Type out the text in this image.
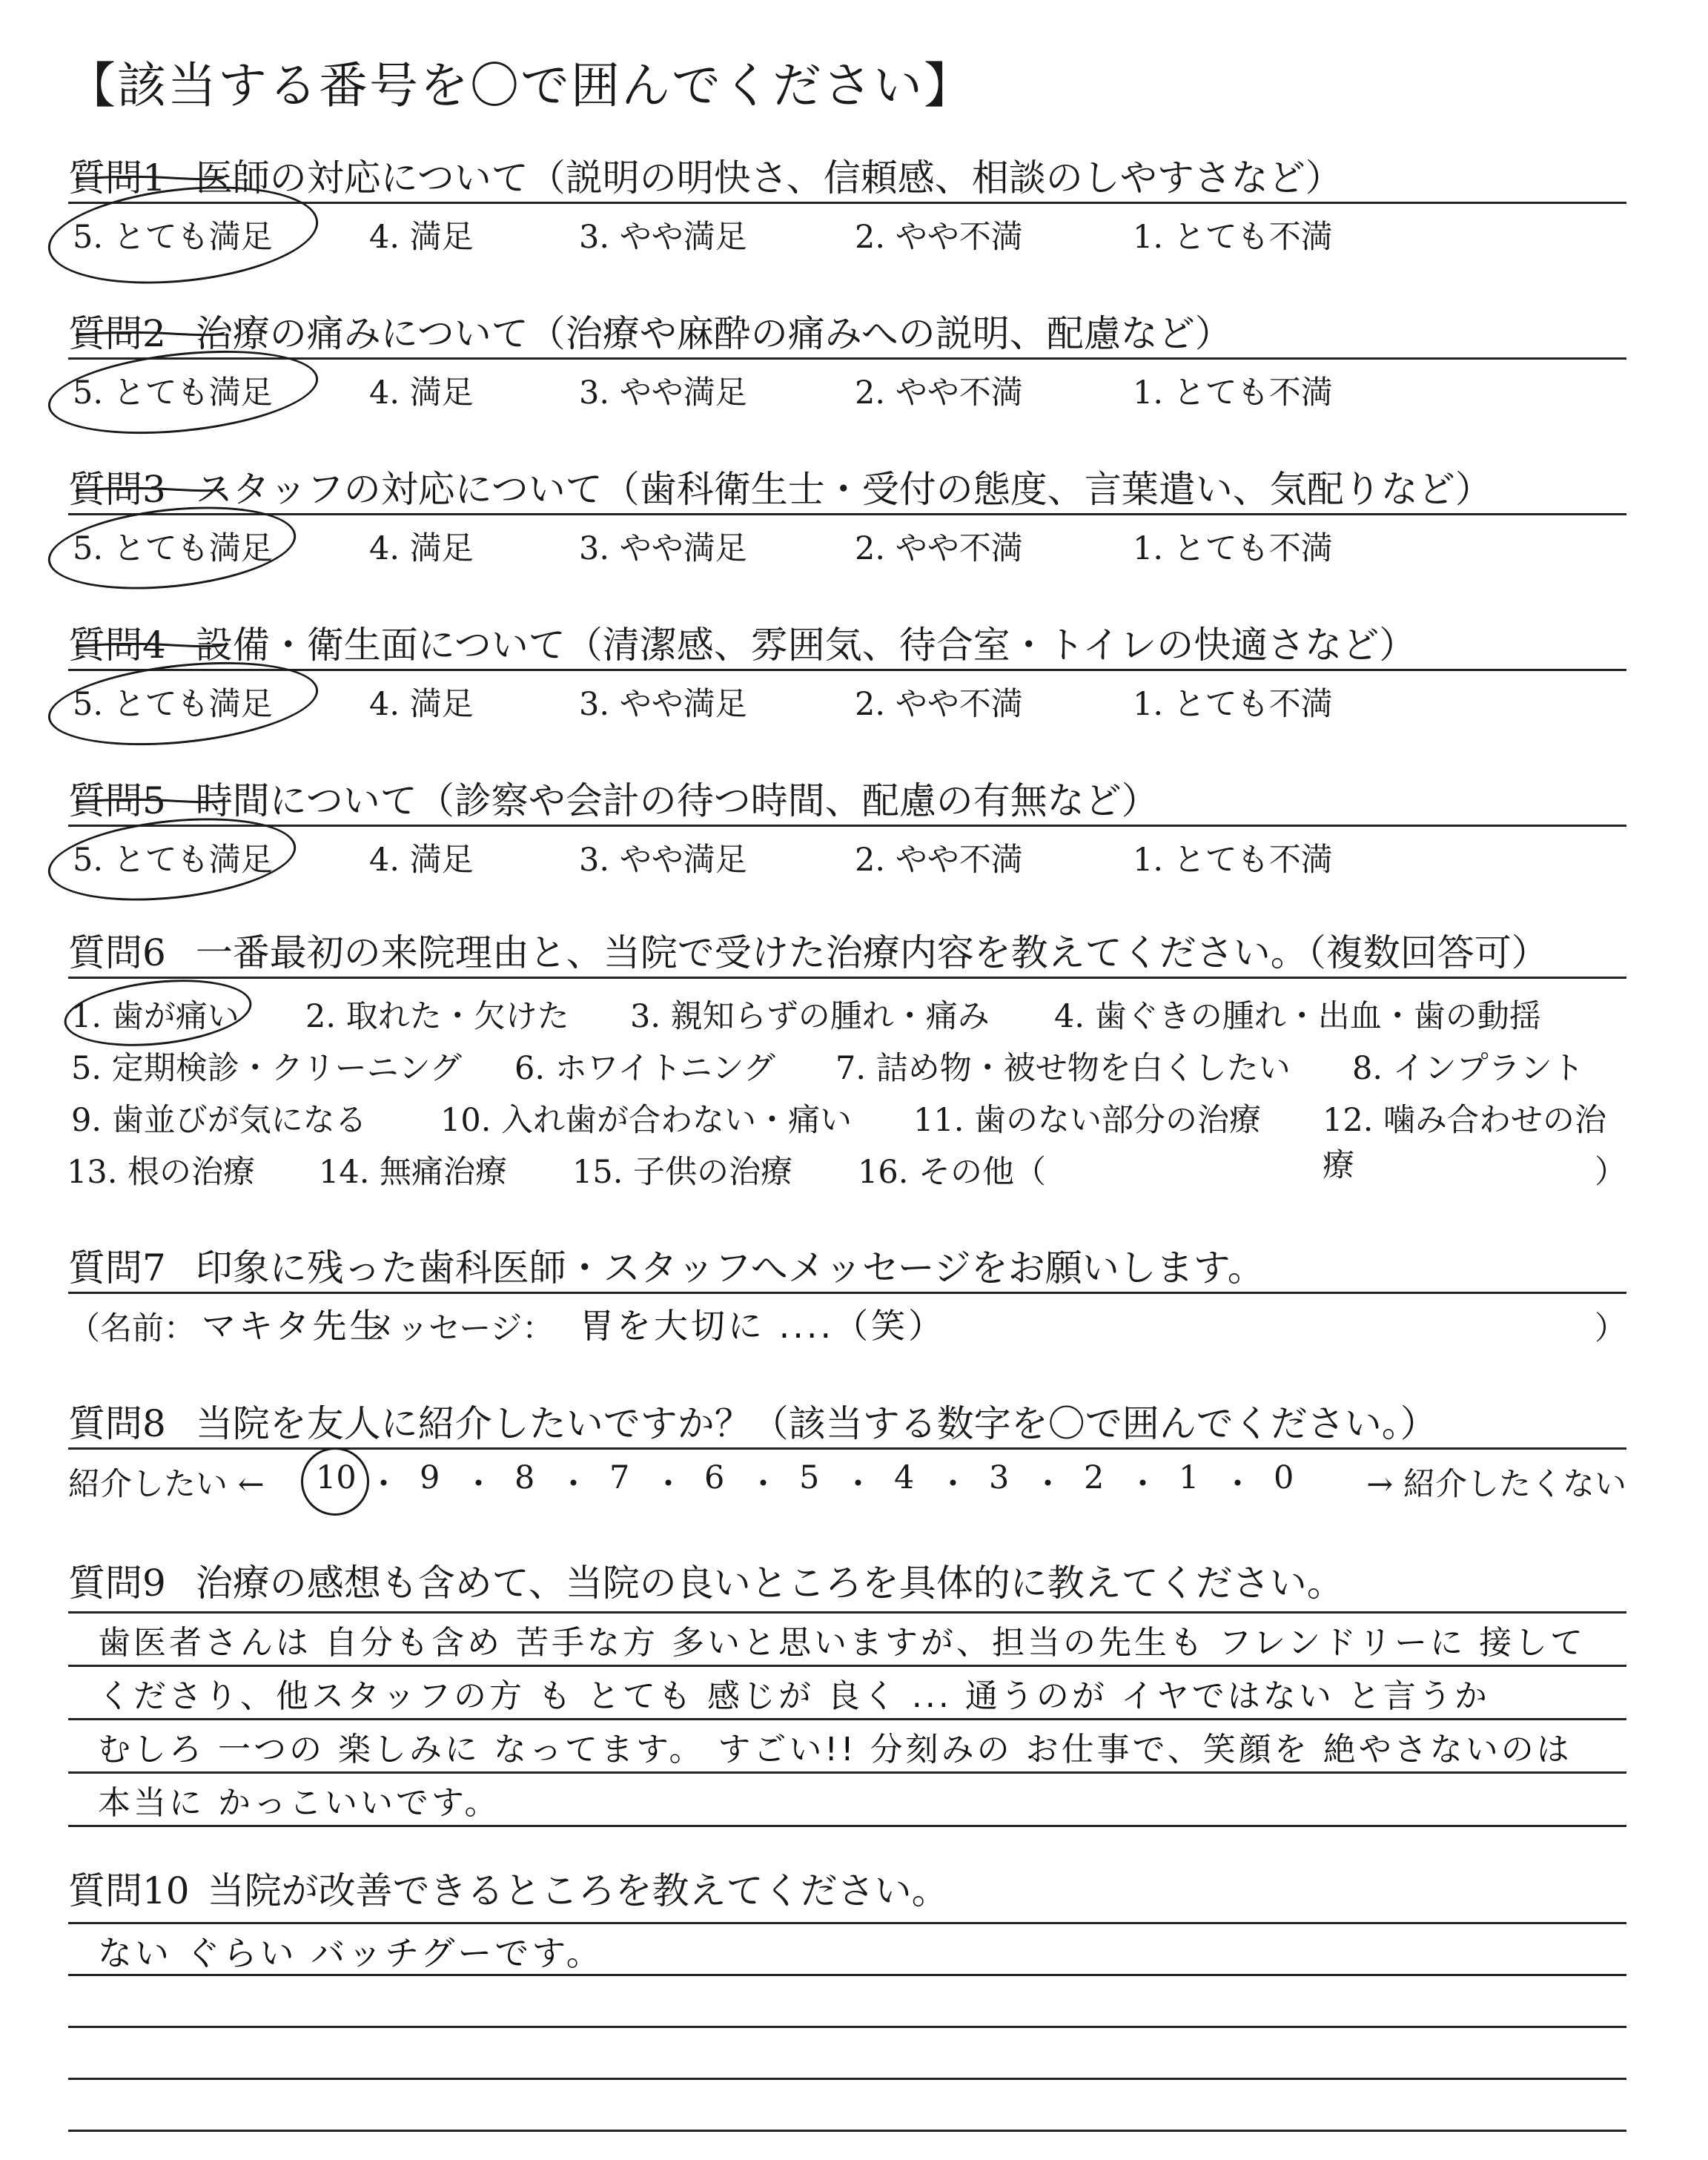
【該当する番号を〇で囲んでください】
質問1 医師の対応について（説明の明快さ、信頼感、相談のしやすさなど）
5. とても満足	4. 満足	3. やや満足	2. やや不満	1. とても不満
質問2 治療の痛みについて（治療や麻酔の痛みへの説明、配慮など）
5. とても満足	4. 満足	3. やや満足	2. やや不満	1. とても不満
質問3 スタッフの対応について（歯科衛生士・受付の態度、言葉遣い、気配りなど）
5. とても満足	4. 満足	3. やや満足	2. やや不満	1. とても不満
質問4 設備・衛生面について（清潔感、雰囲気、待合室・トイレの快適さなど）
5. とても満足	4. 満足	3. やや満足	2. やや不満	1. とても不満
質問5 時間について（診察や会計の待つ時間、配慮の有無など）
5. とても満足	4. 満足	3. やや満足	2. やや不満	1. とても不満
質問6 一番最初の来院理由と、当院で受けた治療内容を教えてください。（複数回答可）
1. 歯が痛い 2. 取れた・欠けた 3. 親知らずの腫れ・痛み 4. 歯ぐきの腫れ・出血・歯の動揺
5. 定期検診・クリーニング 6. ホワイトニング 7. 詰め物・被せ物を白くしたい 8. インプラント
9. 歯並びが気になる 10. 入れ歯が合わない・痛い 11. 歯のない部分の治療 12. 噛み合わせの治療
13. 根の治療 14. 無痛治療 15. 子供の治療 16. その他（	）
質問7 印象に残った歯科医師・スタッフへメッセージをお願いします。
（名前： マキタ先生
メッセージ： 胃を大切に ....（笑）	）
質問8 当院を友人に紹介したいですか？（該当する数字を〇で囲んでください。）
紹介したい ← 10 ・ 9 ・ 8 ・ 7 ・ 6 ・ 5 ・ 4 ・ 3 ・ 2 ・ 1 ・ 0 → 紹介したくない
質問9 治療の感想も含めて、当院の良いところを具体的に教えてください。
歯医者さんは 自分も含め 苦手な方 多いと思いますが、担当の先生も フレンドリーに 接して
くださり、他スタッフの方 も とても 感じが 良く ... 通うのが イヤではない と言うか
むしろ 一つの 楽しみに なってます。 すごい!! 分刻みの お仕事で、笑顔を 絶やさないのは
本当に かっこいいです。
質問10 当院が改善できるところを教えてください。
ない ぐらい バッチグーです。
